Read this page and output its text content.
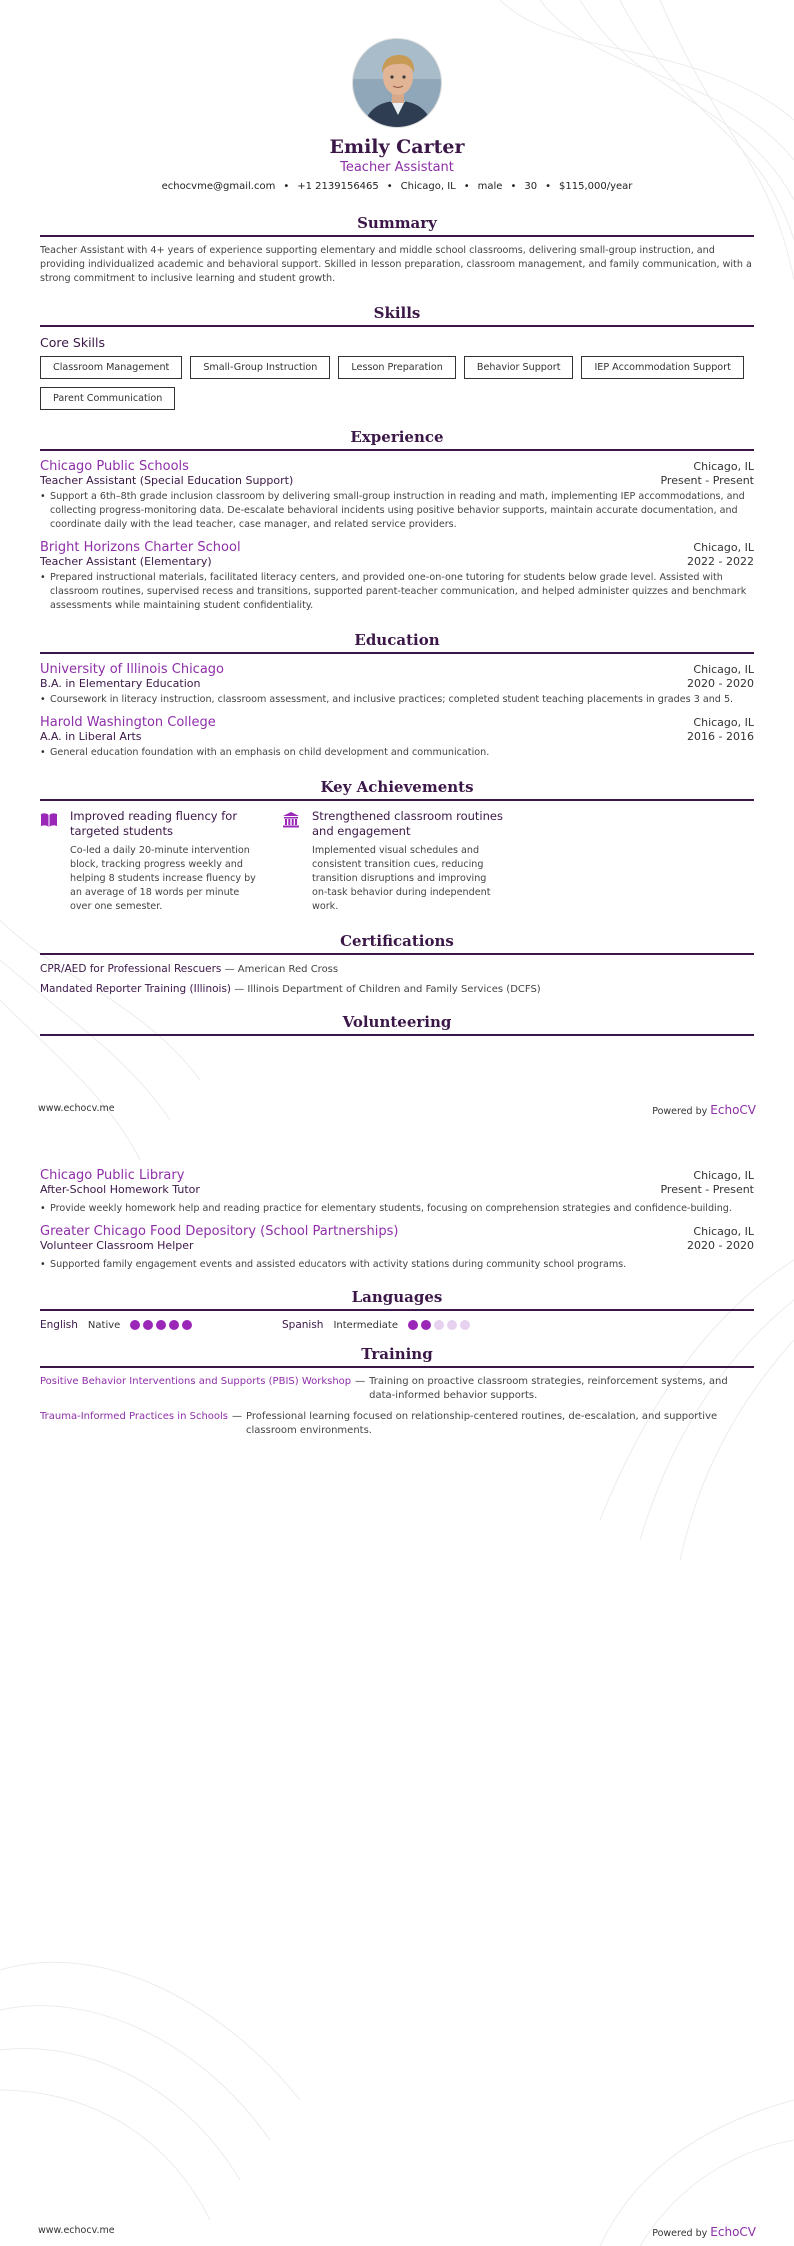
Emily Carter
Teacher Assistant
echocvme@gmail.com • +1 2139156465 • Chicago, IL • male • 30 • $115,000/year
Summary
Teacher Assistant with 4+ years of experience supporting elementary and middle school classrooms, delivering small-group instruction, and providing individualized academic and behavioral support. Skilled in lesson preparation, classroom management, and family communication, with a strong commitment to inclusive learning and student growth.
Skills
Core Skills
Classroom Management	Small-Group Instruction	Lesson Preparation	Behavior Support	IEP Accommodation Support
Parent Communication
Experience
Chicago Public Schools	Chicago, IL
Teacher Assistant (Special Education Support)	Present - Present
• Support a 6th–8th grade inclusion classroom by delivering small-group instruction in reading and math, implementing IEP accommodations, and collecting progress-monitoring data. De-escalate behavioral incidents using positive behavior supports, maintain accurate documentation, and coordinate daily with the lead teacher, case manager, and related service providers.
Bright Horizons Charter School	Chicago, IL
Teacher Assistant (Elementary)	2022 - 2022
• Prepared instructional materials, facilitated literacy centers, and provided one-on-one tutoring for students below grade level. Assisted with classroom routines, supervised recess and transitions, supported parent-teacher communication, and helped administer quizzes and benchmark assessments while maintaining student confidentiality.
Education
University of Illinois Chicago	Chicago, IL
B.A. in Elementary Education	2020 - 2020
• Coursework in literacy instruction, classroom assessment, and inclusive practices; completed student teaching placements in grades 3 and 5.
Harold Washington College	Chicago, IL
A.A. in Liberal Arts	2016 - 2016
• General education foundation with an emphasis on child development and communication.
Key Achievements
Improved reading fluency for targeted students
Co-led a daily 20-minute intervention block, tracking progress weekly and helping 8 students increase fluency by an average of 18 words per minute over one semester.
Strengthened classroom routines and engagement
Implemented visual schedules and consistent transition cues, reducing transition disruptions and improving on-task behavior during independent work.
Certifications
CPR/AED for Professional Rescuers — American Red Cross
Mandated Reporter Training (Illinois) — Illinois Department of Children and Family Services (DCFS)
Volunteering
www.echocv.me	Powered by EchoCV
Chicago Public Library	Chicago, IL
After-School Homework Tutor	Present - Present
• Provide weekly homework help and reading practice for elementary students, focusing on comprehension strategies and confidence-building.
Greater Chicago Food Depository (School Partnerships)	Chicago, IL
Volunteer Classroom Helper	2020 - 2020
• Supported family engagement events and assisted educators with activity stations during community school programs.
Languages
English Native	Spanish Intermediate
Training
Positive Behavior Interventions and Supports (PBIS) Workshop — Training on proactive classroom strategies, reinforcement systems, and data-informed behavior supports.
Trauma-Informed Practices in Schools — Professional learning focused on relationship-centered routines, de-escalation, and supportive classroom environments.
www.echocv.me	Powered by EchoCV
